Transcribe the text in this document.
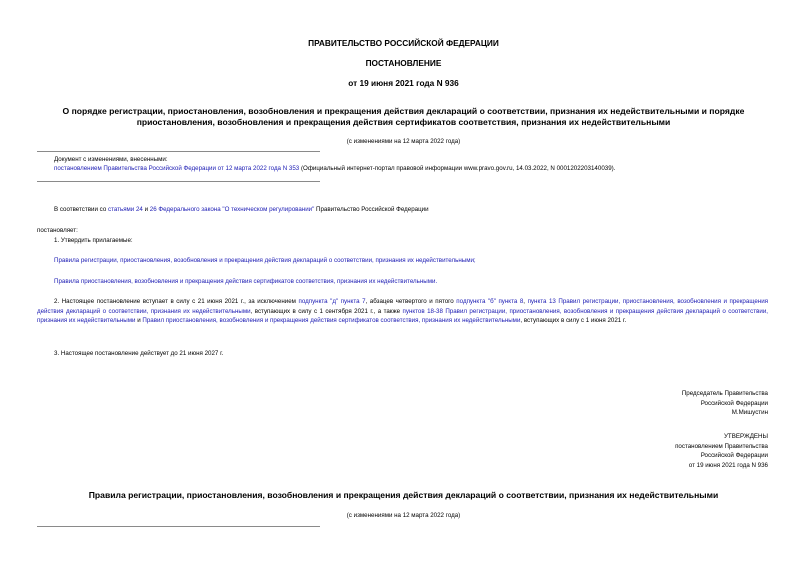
ПРАВИТЕЛЬСТВО РОССИЙСКОЙ ФЕДЕРАЦИИ
ПОСТАНОВЛЕНИЕ
от 19 июня 2021 года N 936
О порядке регистрации, приостановления, возобновления и прекращения действия деклараций о соответствии, признания их недействительными и порядке
приостановления, возобновления и прекращения действия сертификатов соответствия, признания их недействительными
(с изменениями на 12 марта 2022 года)
Документ с изменениями, внесенными:
постановлением Правительства Российской Федерации от 12 марта 2022 года N 353 (Официальный интернет-портал правовой информации www.pravo.gov.ru, 14.03.2022, N 0001202203140039).
В соответствии со статьями 24 и 26 Федерального закона "О техническом регулировании" Правительство Российской Федерации
постановляет:
1. Утвердить прилагаемые:
Правила регистрации, приостановления, возобновления и прекращения действия деклараций о соответствии, признания их недействительными;
Правила приостановления, возобновления и прекращения действия сертификатов соответствия, признания их недействительными.
2. Настоящее постановление вступает в силу с 21 июня 2021 г., за исключением подпункта "д" пункта 7, абзацев четвертого и пятого подпункта "б" пункта 8, пункта 13 Правил регистрации, приостановления, возобновления и прекращения действия деклараций о соответствии, признания их недействительными, вступающих в силу с 1 сентября 2021 г., а также пунктов 18-38 Правил регистрации, приостановления, возобновления и прекращения действия деклараций о соответствии, признания их недействительными и Правил приостановления, возобновления и прекращения действия сертификатов соответствия, признания их недействительными, вступающих в силу с 1 июня 2021 г.
3. Настоящее постановление действует до 21 июня 2027 г.
Председатель Правительства
Российской Федерации
М.Мишустин
УТВЕРЖДЕНЫ
постановлением Правительства
Российской Федерации
от 19 июня 2021 года N 936
Правила регистрации, приостановления, возобновления и прекращения действия деклараций о соответствии, признания их недействительными
(с изменениями на 12 марта 2022 года)
